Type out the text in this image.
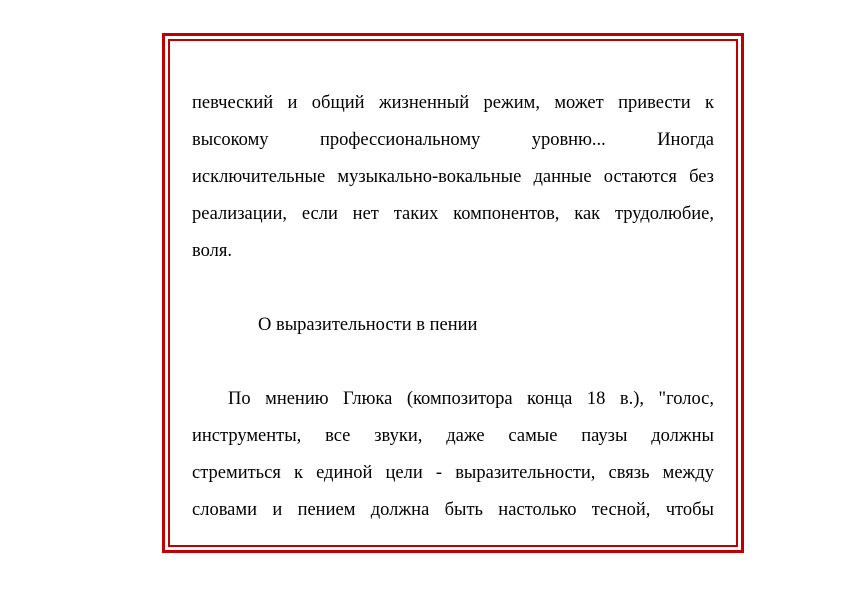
певческий и общий жизненный режим, может привести к
высокому профессиональному уровню... Иногда
исключительные музыкально-вокальные данные остаются без
реализации, если нет таких компонентов, как трудолюбие,
воля.
О выразительности в пении
По мнению Глюка (композитора конца 18 в.), "голос,
инструменты, все звуки, даже самые паузы должны
стремиться к единой цели - выразительности, связь между
словами и пением должна быть настолько тесной, чтобы
